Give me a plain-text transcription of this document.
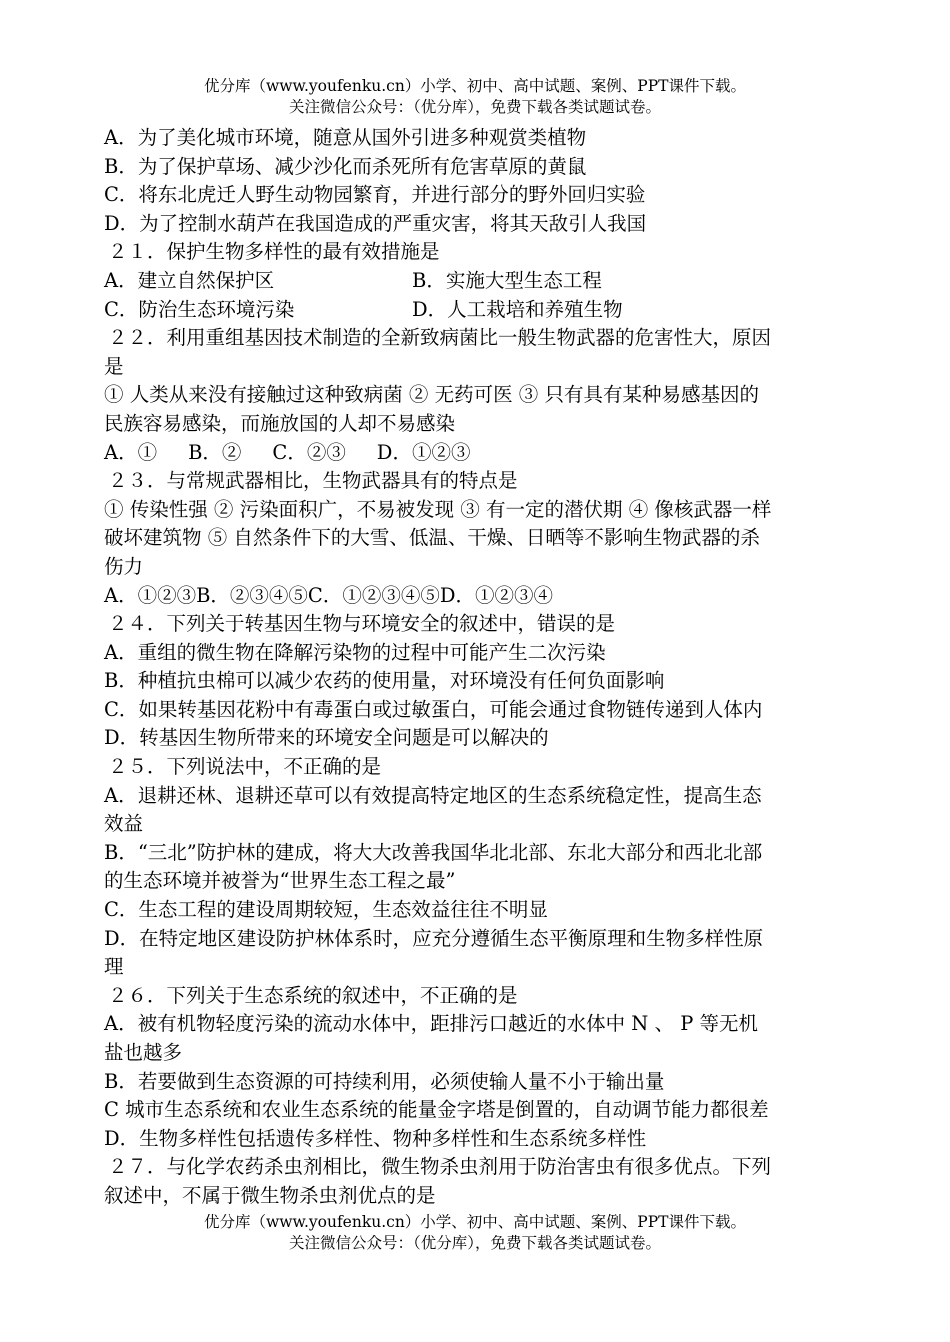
优分库（www.youfenku.cn）小学、初中、高中试题、案例、PPT课件下载。
关注微信公众号：（优分库），免费下载各类试题试卷。
A．为了美化城市环境，随意从国外引进多种观赏类植物
B．为了保护草场、减少沙化而杀死所有危害草原的黄鼠
C．将东北虎迁人野生动物园繁育，并进行部分的野外回归实验
D．为了控制水葫芦在我国造成的严重灾害，将其天敌引人我国
２１．保护生物多样性的最有效措施是
A．建立自然保护区	B．实施大型生态工程
C．防治生态环境污染	D．人工栽培和养殖生物
２２．利用重组基因技术制造的全新致病菌比一般生物武器的危害性大，原因
是
① 人类从来没有接触过这种致病菌 ② 无药可医 ③ 只有具有某种易感基因的
民族容易感染，而施放国的人却不易感染
A．①     B．②     C．②③     D．①②③
２３．与常规武器相比，生物武器具有的特点是
① 传染性强 ② 污染面积广，不易被发现 ③ 有一定的潜伏期 ④ 像核武器一样
破坏建筑物 ⑤ 自然条件下的大雪、低温、干燥、日晒等不影响生物武器的杀
伤力
A．①②③B．②③④⑤C．①②③④⑤D．①②③④
２４．下列关于转基因生物与环境安全的叙述中，错误的是
A．重组的微生物在降解污染物的过程中可能产生二次污染
B．种植抗虫棉可以减少农药的使用量，对环境没有任何负面影响
C．如果转基因花粉中有毒蛋白或过敏蛋白，可能会通过食物链传递到人体内
D．转基因生物所带来的环境安全问题是可以解决的
２５．下列说法中，不正确的是
A．退耕还林、退耕还草可以有效提高特定地区的生态系统稳定性，提高生态
效益
B．“三北”防护林的建成，将大大改善我国华北北部、东北大部分和西北北部
的生态环境并被誉为“世界生态工程之最”
C．生态工程的建设周期较短，生态效益往往不明显
D．在特定地区建设防护林体系时，应充分遵循生态平衡原理和生物多样性原
理
２６．下列关于生态系统的叙述中，不正确的是
A．被有机物轻度污染的流动水体中，距排污口越近的水体中 N 、 P 等无机
盐也越多
B．若要做到生态资源的可持续利用，必须使输人量不小于输出量
C 城市生态系统和农业生态系统的能量金字塔是倒置的，自动调节能力都很差
D．生物多样性包括遗传多样性、物种多样性和生态系统多样性
２７．与化学农药杀虫剂相比，微生物杀虫剂用于防治害虫有很多优点。下列
叙述中，不属于微生物杀虫剂优点的是
优分库（www.youfenku.cn）小学、初中、高中试题、案例、PPT课件下载。
关注微信公众号：（优分库），免费下载各类试题试卷。
